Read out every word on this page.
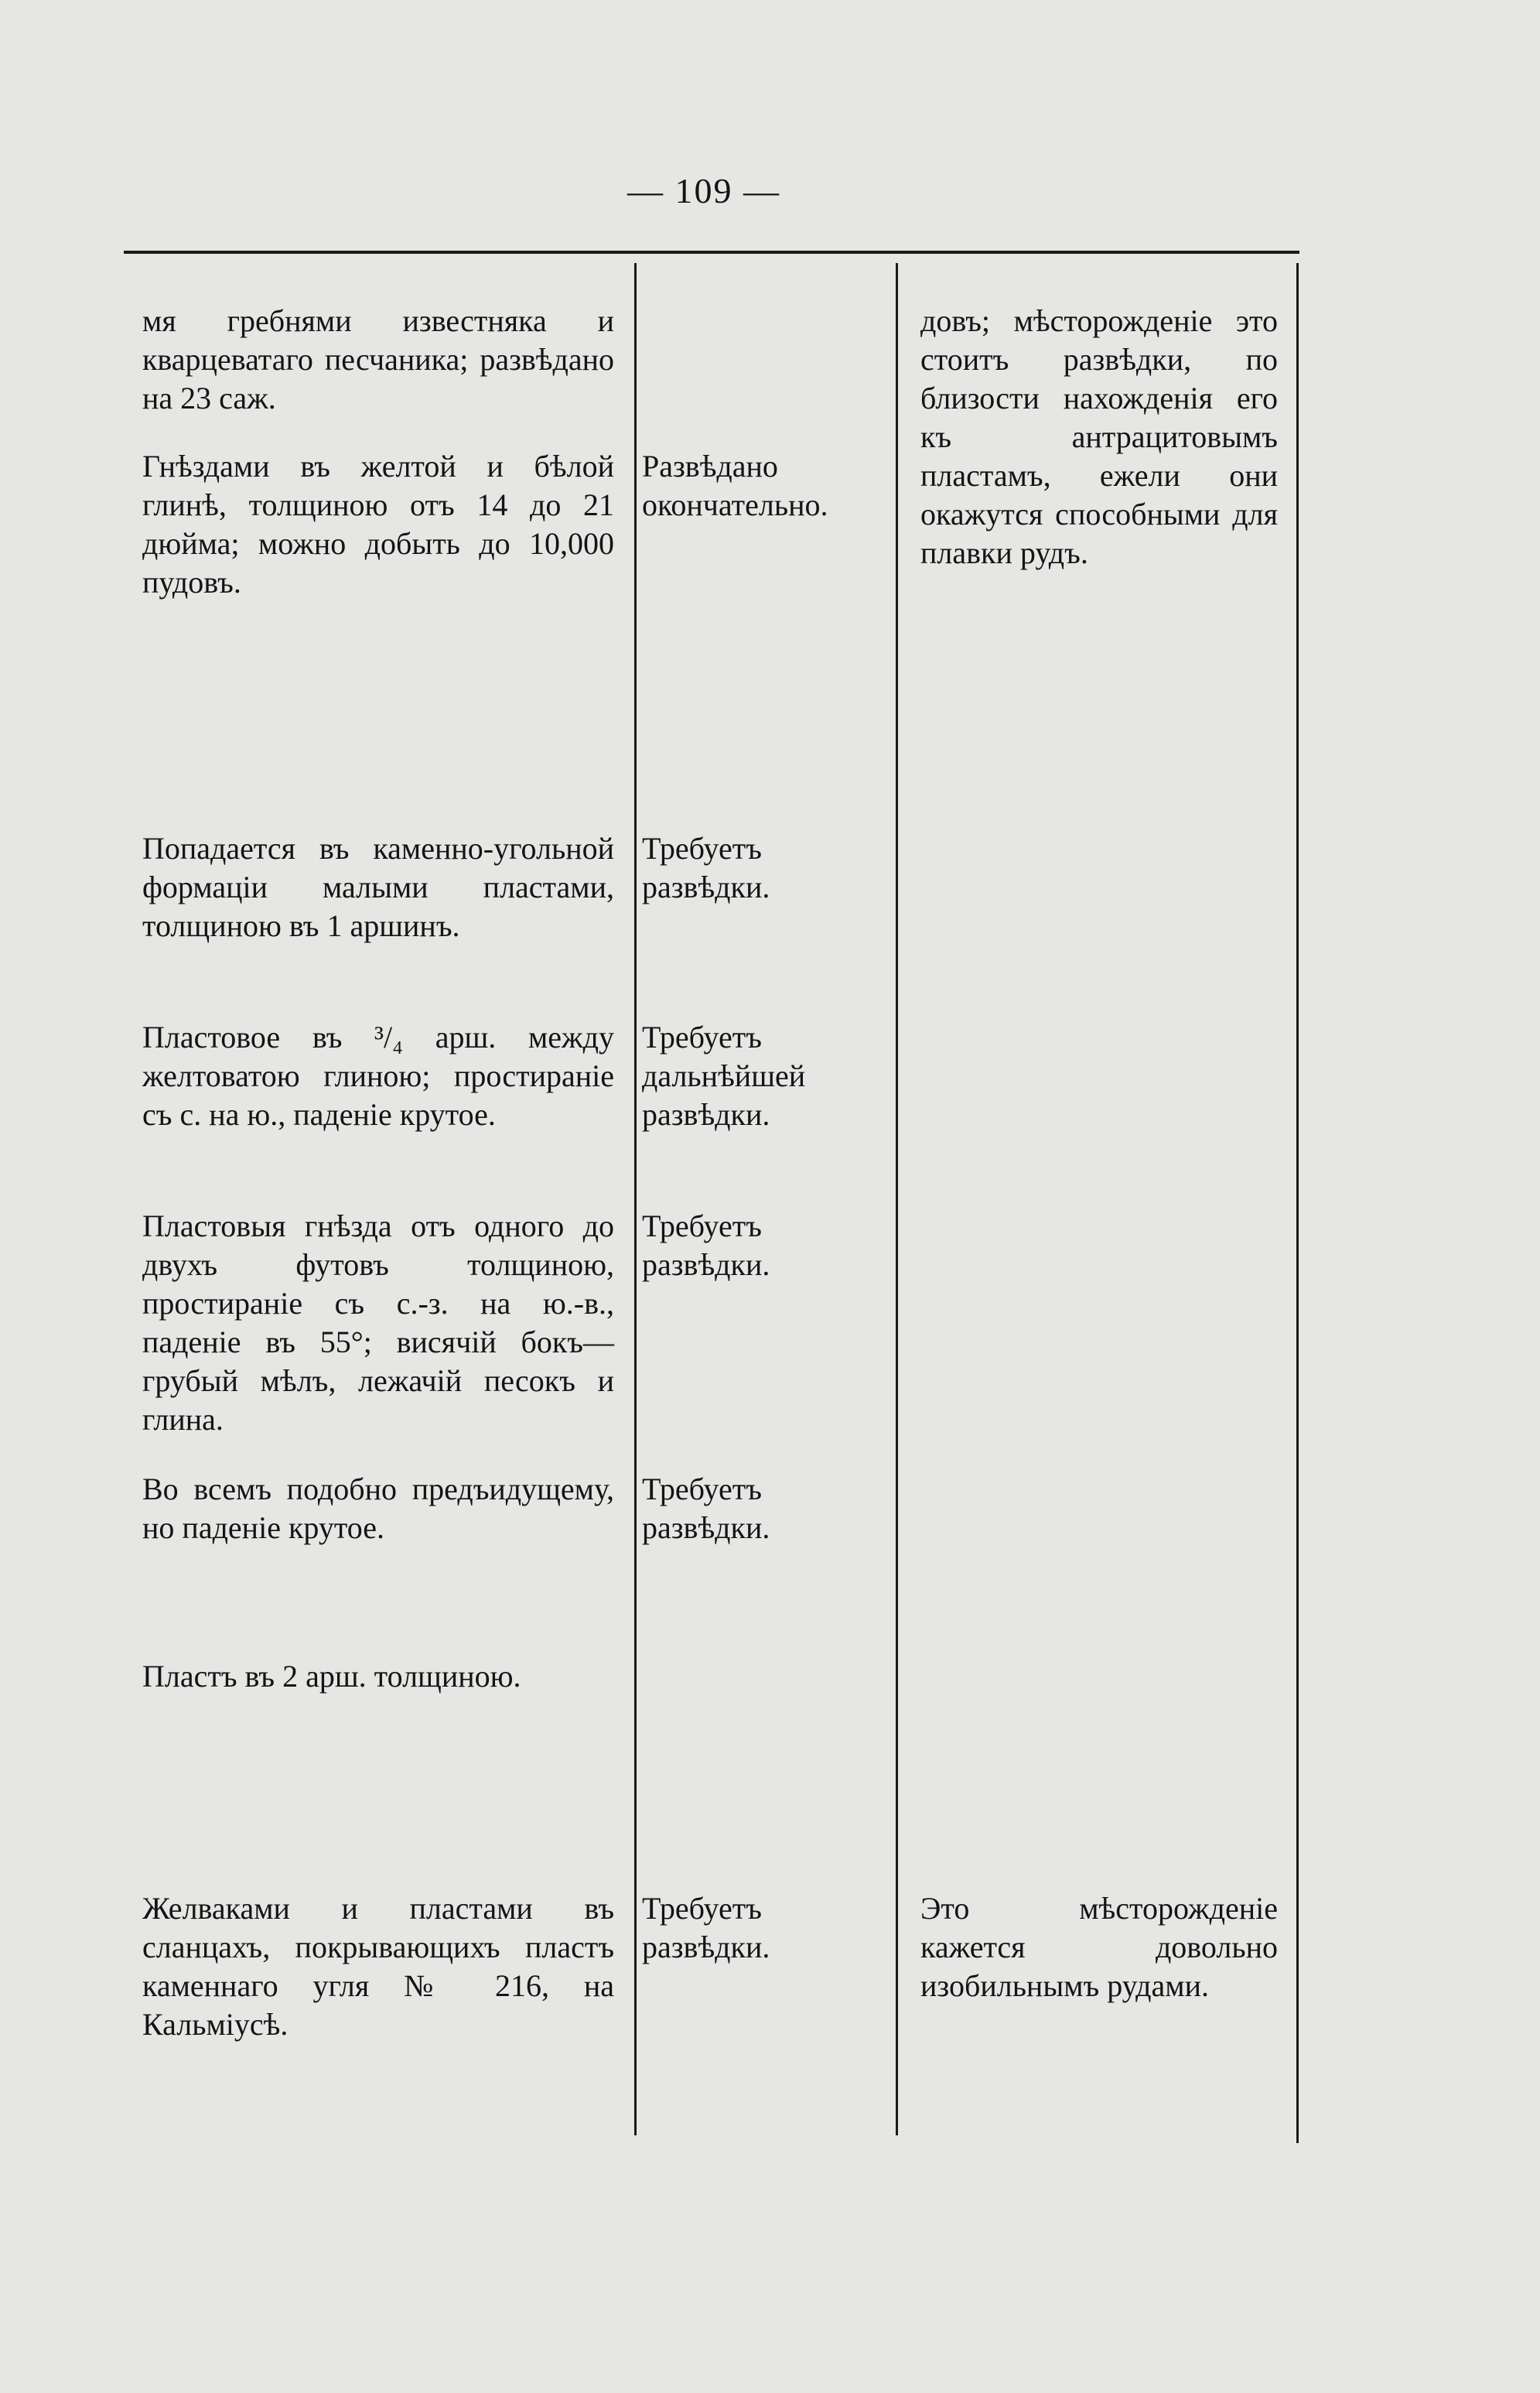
— 109 —
мя гребнями известняка и кварцеватаго песчаника; развѣдано на 23 саж.
довъ; мѣсторожденіе это стоитъ развѣдки, по близости нахожденія его къ антрацитовымъ пластамъ, ежели они окажутся способными для плавки рудъ.
Гнѣздами въ желтой и бѣлой глинѣ, толщиною отъ 14 до 21 дюйма; можно добыть до 10,000 пудовъ.
Развѣдано окончательно.
Попадается въ каменно-угольной формаціи малыми пластами, толщиною въ 1 аршинъ.
Требуетъ развѣдки.
Пластовое въ ³/₄ арш. между желтоватою глиною; простираніе съ с. на ю., паденіе крутое.
Требуетъ дальнѣйшей развѣдки.
Пластовыя гнѣзда отъ одного до двухъ футовъ толщиною, простираніе съ с.-з. на ю.-в., паденіе въ 55°; висячій бокъ— грубый мѣлъ, лежачій песокъ и глина.
Требуетъ развѣдки.
Во всемъ подобно предъидущему, но паденіе крутое.
Требуетъ развѣдки.
Пластъ въ 2 арш. толщиною.
Желваками и пластами въ сланцахъ, покрывающихъ пластъ каменнаго угля № 216, на Кальміусѣ.
Требуетъ развѣдки.
Это мѣсторожденіе кажется довольно изобильнымъ рудами.
